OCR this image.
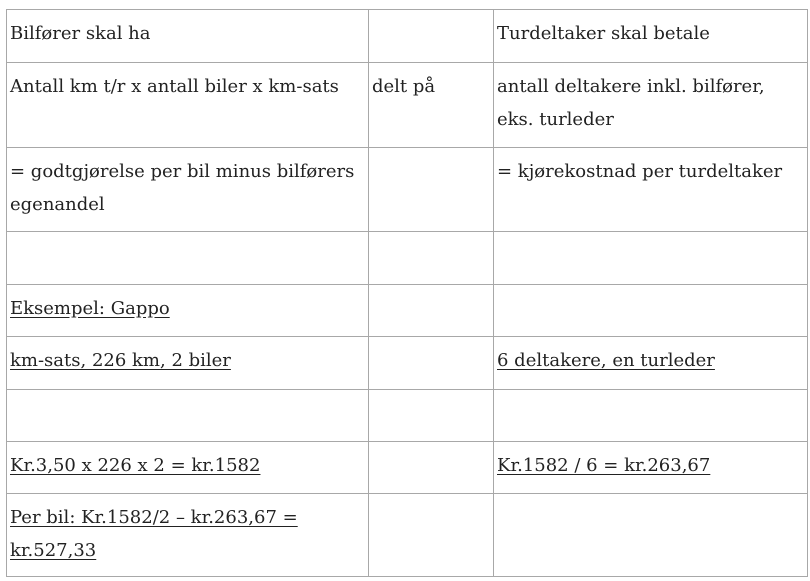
Bilfører skal ha		Turdeltaker skal betale
Antall km t/r x antall biler x km-sats	delt på	antall deltakere inkl. bilfører, eks. turleder
= godtgjørelse per bil minus bilførers egenandel		= kjørekostnad per turdeltaker

Eksempel: Gappo		
km-sats, 226 km, 2 biler		6 deltakere, en turleder

Kr.3,50 x 226 x 2 = kr.1582		Kr.1582 / 6 = kr.263,67
Per bil: Kr.1582/2 – kr.263,67 = kr.527,33		
